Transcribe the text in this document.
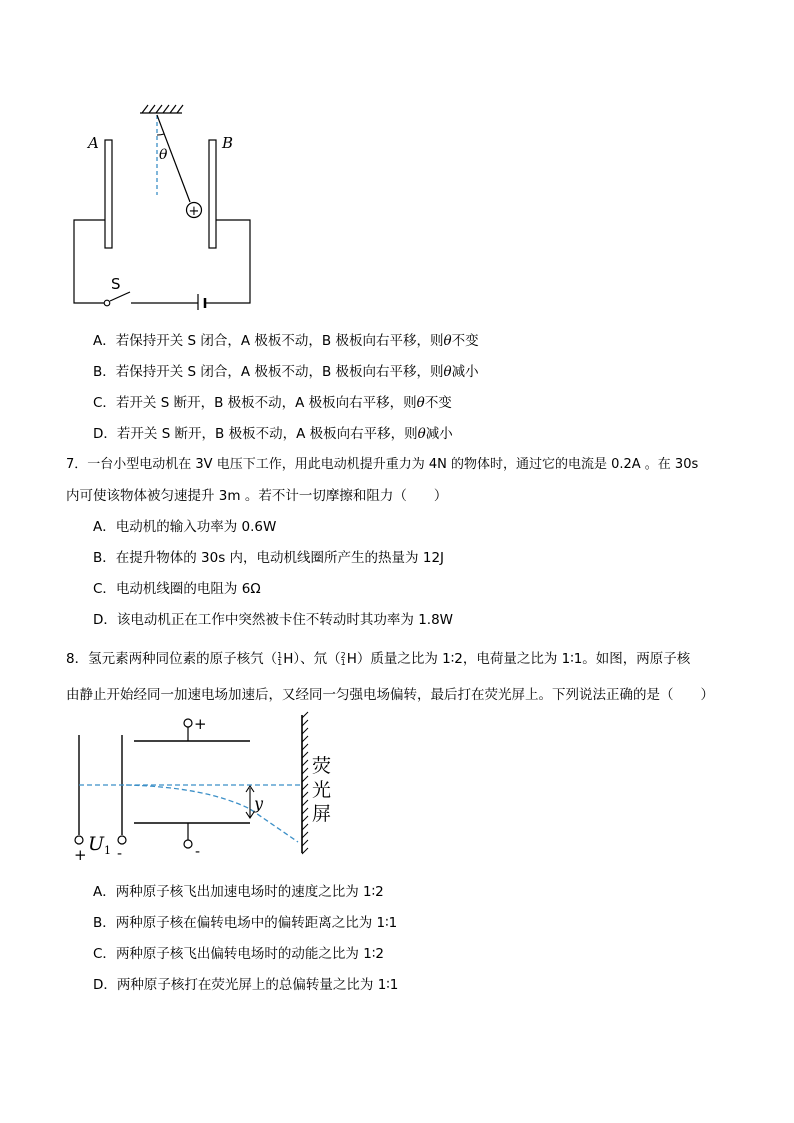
+
A	B
θ
S
A．若保持开关 S 闭合，A 极板不动，B 极板向右平移，则θ不变
B．若保持开关 S 闭合，A 极板不动，B 极板向右平移，则θ减小
C．若开关 S 断开，B 极板不动，A 极板向右平移，则θ不变
D．若开关 S 断开，B 极板不动，A 极板向右平移，则θ减小
7．一台小型电动机在 3V 电压下工作，用此电动机提升重力为 4N 的物体时，通过它的电流是 0.2A 。在 30s
内可使该物体被匀速提升 3m 。若不计一切摩擦和阻力（　　）
A．电动机的输入功率为 0.6W
B．在提升物体的 30s 内，电动机线圈所产生的热量为 12J
C．电动机线圈的电阻为 6Ω
D．该电动机正在工作中突然被卡住不转动时其功率为 1.8W
8．氢元素两种同位素的原子核氕（1
1H）、氘（2
1H）质量之比为 1∶2，电荷量之比为 1∶1。如图，两原子核
由静止开始经同一加速电场加速后，又经同一匀强电场偏转，最后打在荧光屏上。下列说法正确的是（　　）
+ -
$U_1$
+
-
y
荧
光
屏
A．两种原子核飞出加速电场时的速度之比为 1∶2
B．两种原子核在偏转电场中的偏转距离之比为 1∶1
C．两种原子核飞出偏转电场时的动能之比为 1∶2
D．两种原子核打在荧光屏上的总偏转量之比为 1∶1
